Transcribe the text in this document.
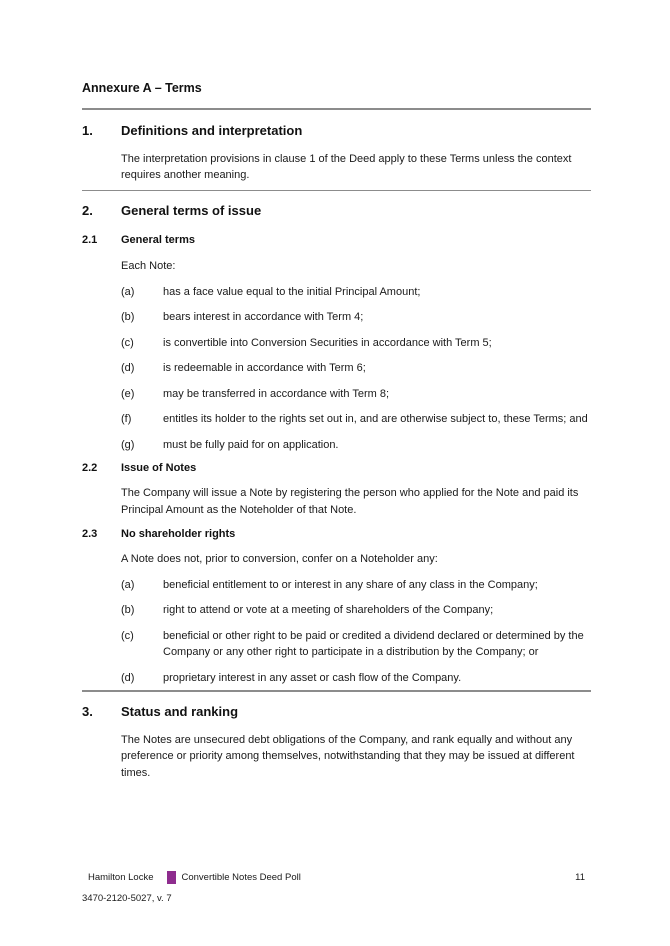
Annexure A – Terms
1.	Definitions and interpretation

The interpretation provisions in clause 1 of the Deed apply to these Terms unless the context requires another meaning.

2.	General terms of issue
2.1	General terms

Each Note:

(a)	has a face value equal to the initial Principal Amount;
(b)	bears interest in accordance with Term 4;
(c)	is convertible into Conversion Securities in accordance with Term 5;
(d)	is redeemable in accordance with Term 6;
(e)	may be transferred in accordance with Term 8;
(f)	entitles its holder to the rights set out in, and are otherwise subject to, these Terms; and
(g)	must be fully paid for on application.
2.2	Issue of Notes

The Company will issue a Note by registering the person who applied for the Note and paid its Principal Amount as the Noteholder of that Note.

2.3	No shareholder rights

A Note does not, prior to conversion, confer on a Noteholder any:

(a)	beneficial entitlement to or interest in any share of any class in the Company;
(b)	right to attend or vote at a meeting of shareholders of the Company;
(c)	beneficial or other right to be paid or credited a dividend declared or determined by the Company or any other right to participate in a distribution by the Company; or
(d)	proprietary interest in any asset or cash flow of the Company.
3.	Status and ranking

The Notes are unsecured debt obligations of the Company, and rank equally and without any preference or priority among themselves, notwithstanding that they may be issued at different times.

Hamilton Locke	Convertible Notes Deed Poll	11
3470-2120-5027, v. 7
